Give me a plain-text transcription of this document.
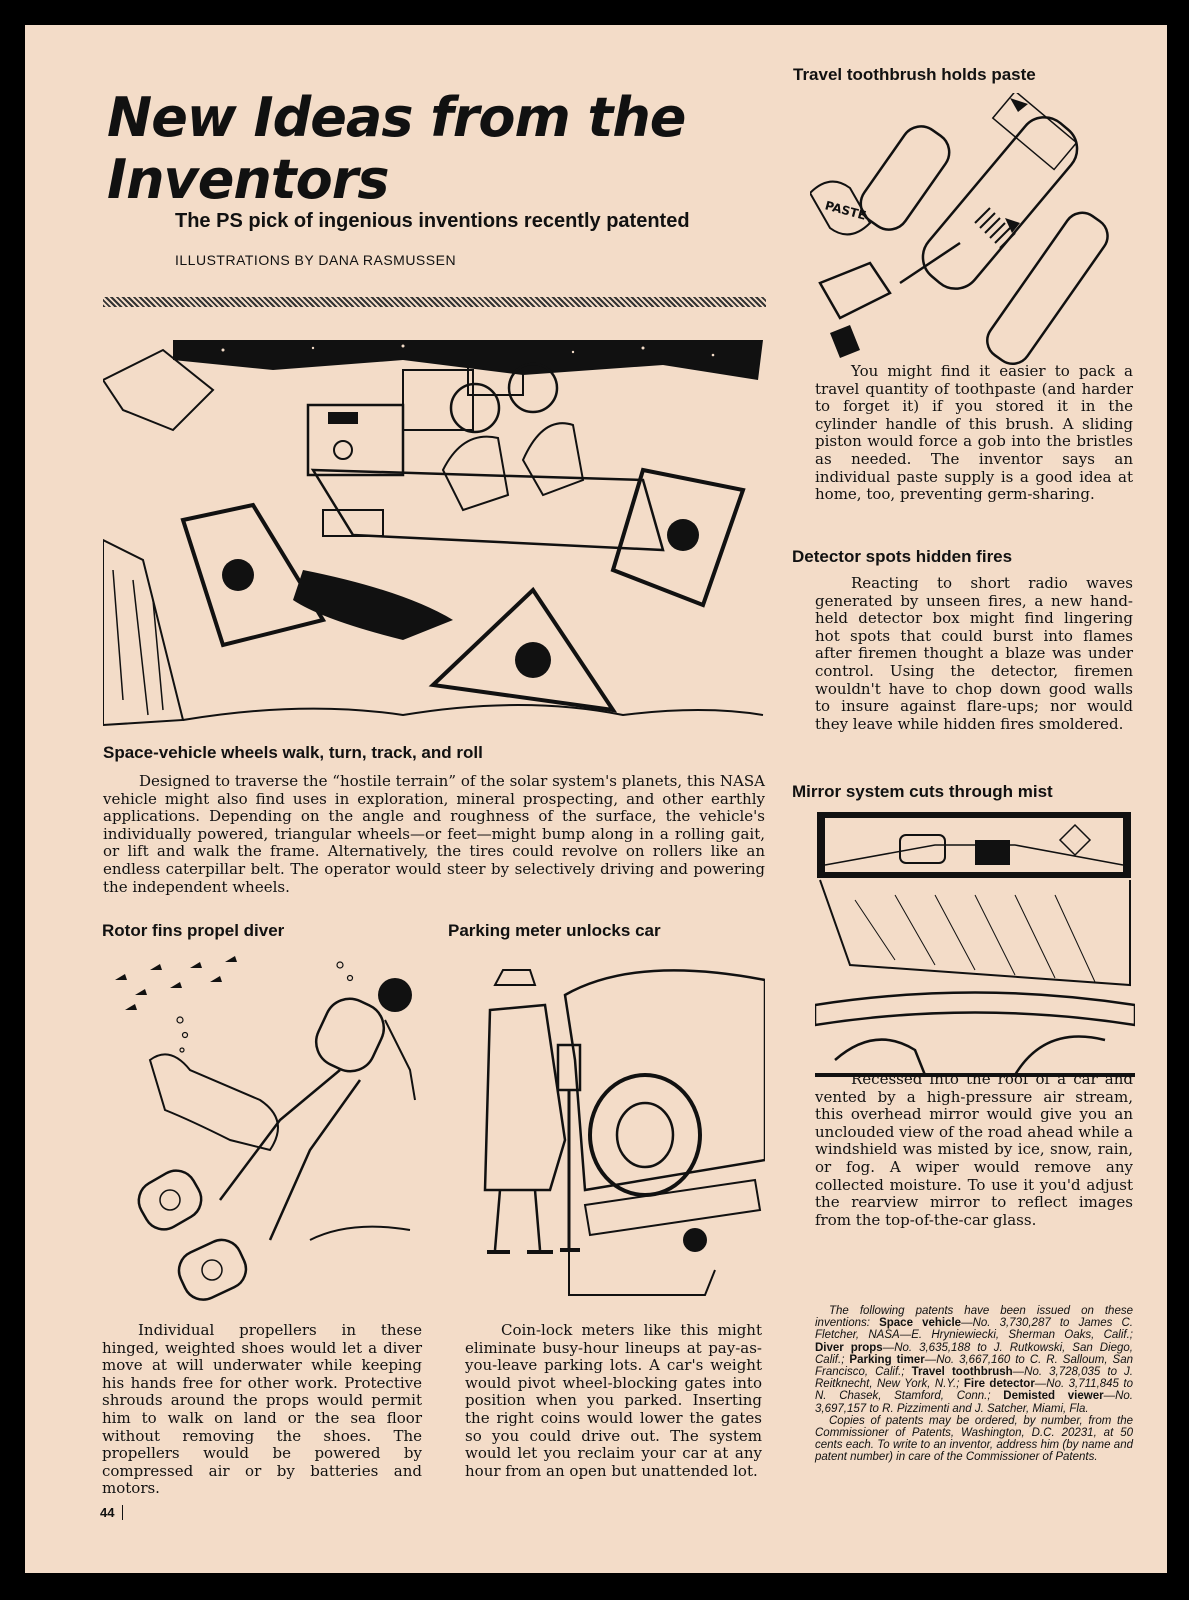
New Ideas from the Inventors
The PS pick of ingenious inventions recently patented
ILLUSTRATIONS BY DANA RASMUSSEN
Space-vehicle wheels walk, turn, track, and roll

Designed to traverse the “hostile terrain” of the solar system's planets, this NASA vehicle might also find uses in exploration, mineral prospecting, and other earthly applications. Depending on the angle and roughness of the surface, the vehicle's individually powered, triangular wheels—or feet—might bump along in a rolling gait, or lift and walk the frame. Alternatively, the tires could revolve on rollers like an endless caterpillar belt. The operator would steer by selectively driving and powering the independent wheels.

Rotor fins propel diver

Individual propellers in these hinged, weighted shoes would let a diver move at will underwater while keeping his hands free for other work. Protective shrouds around the props would permit him to walk on land or the sea floor without removing the shoes. The propellers would be powered by compressed air or by batteries and motors.

Parking meter unlocks car

Coin-lock meters like this might eliminate busy-hour lineups at pay-as-you-leave parking lots. A car's weight would pivot wheel-blocking gates into position when you parked. Inserting the right coins would lower the gates so you could drive out. The system would let you reclaim your car at any hour from an open but unattended lot.

Travel toothbrush holds paste
PASTE

You might find it easier to pack a travel quantity of toothpaste (and harder to forget it) if you stored it in the cylinder handle of this brush. A sliding piston would force a gob into the bristles as needed. The inventor says an individual paste supply is a good idea at home, too, preventing germ-sharing.

Detector spots hidden fires

Reacting to short radio waves generated by unseen fires, a new hand-held detector box might find lingering hot spots that could burst into flames after firemen thought a blaze was under control. Using the detector, firemen wouldn't have to chop down good walls to insure against flare-ups; nor would they leave while hidden fires smoldered.

Mirror system cuts through mist

Recessed into the roof of a car and vented by a high-pressure air stream, this overhead mirror would give you an unclouded view of the road ahead while a windshield was misted by ice, snow, rain, or fog. A wiper would remove any collected moisture. To use it you'd adjust the rearview mirror to reflect images from the top-of-the-car glass.

The following patents have been issued on these inventions: Space vehicle—No. 3,730,287 to James C. Fletcher, NASA—E. Hryniewiecki, Sherman Oaks, Calif.; Diver props—No. 3,635,188 to J. Rutkowski, San Diego, Calif.; Parking timer—No. 3,667,160 to C. R. Salloum, San Francisco, Calif.; Travel toothbrush—No. 3,728,035 to J. Reitknecht, New York, N.Y.; Fire detector—No. 3,711,845 to N. Chasek, Stamford, Conn.; Demisted viewer—No. 3,697,157 to R. Pizzimenti and J. Satcher, Miami, Fla.
Copies of patents may be ordered, by number, from the Commissioner of Patents, Washington, D.C. 20231, at 50 cents each. To write to an inventor, address him (by name and patent number) in care of the Commissioner of Patents.
44
